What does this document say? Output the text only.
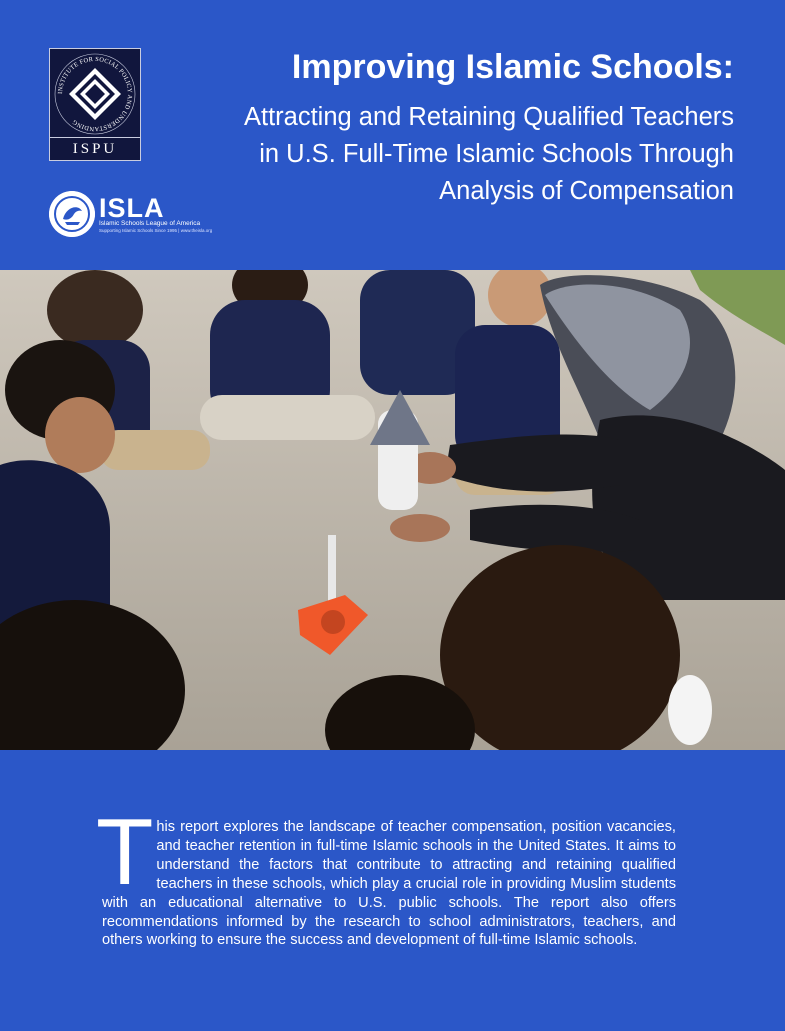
INSTITUTE FOR SOCIAL POLICY AND UNDERSTANDING
ISPU
ISLA
Islamic Schools League of America
Supporting Islamic Schools Since 1995 | www.theisla.org
Improving Islamic Schools:
Attracting and Retaining Qualified Teachers
in U.S. Full-Time Islamic Schools Through
Analysis of Compensation
T his report explores the landscape of teacher compensation, position vacancies, and teacher retention in full-time Islamic schools in the United States. It aims to understand the factors that contribute to attracting and retaining qualified teachers in these schools, which play a crucial role in providing Muslim students with an educational alternative to U.S. public schools. The report also offers recommendations informed by the research to school administrators, teachers, and others working to ensure the success and development of full-time Islamic schools.
